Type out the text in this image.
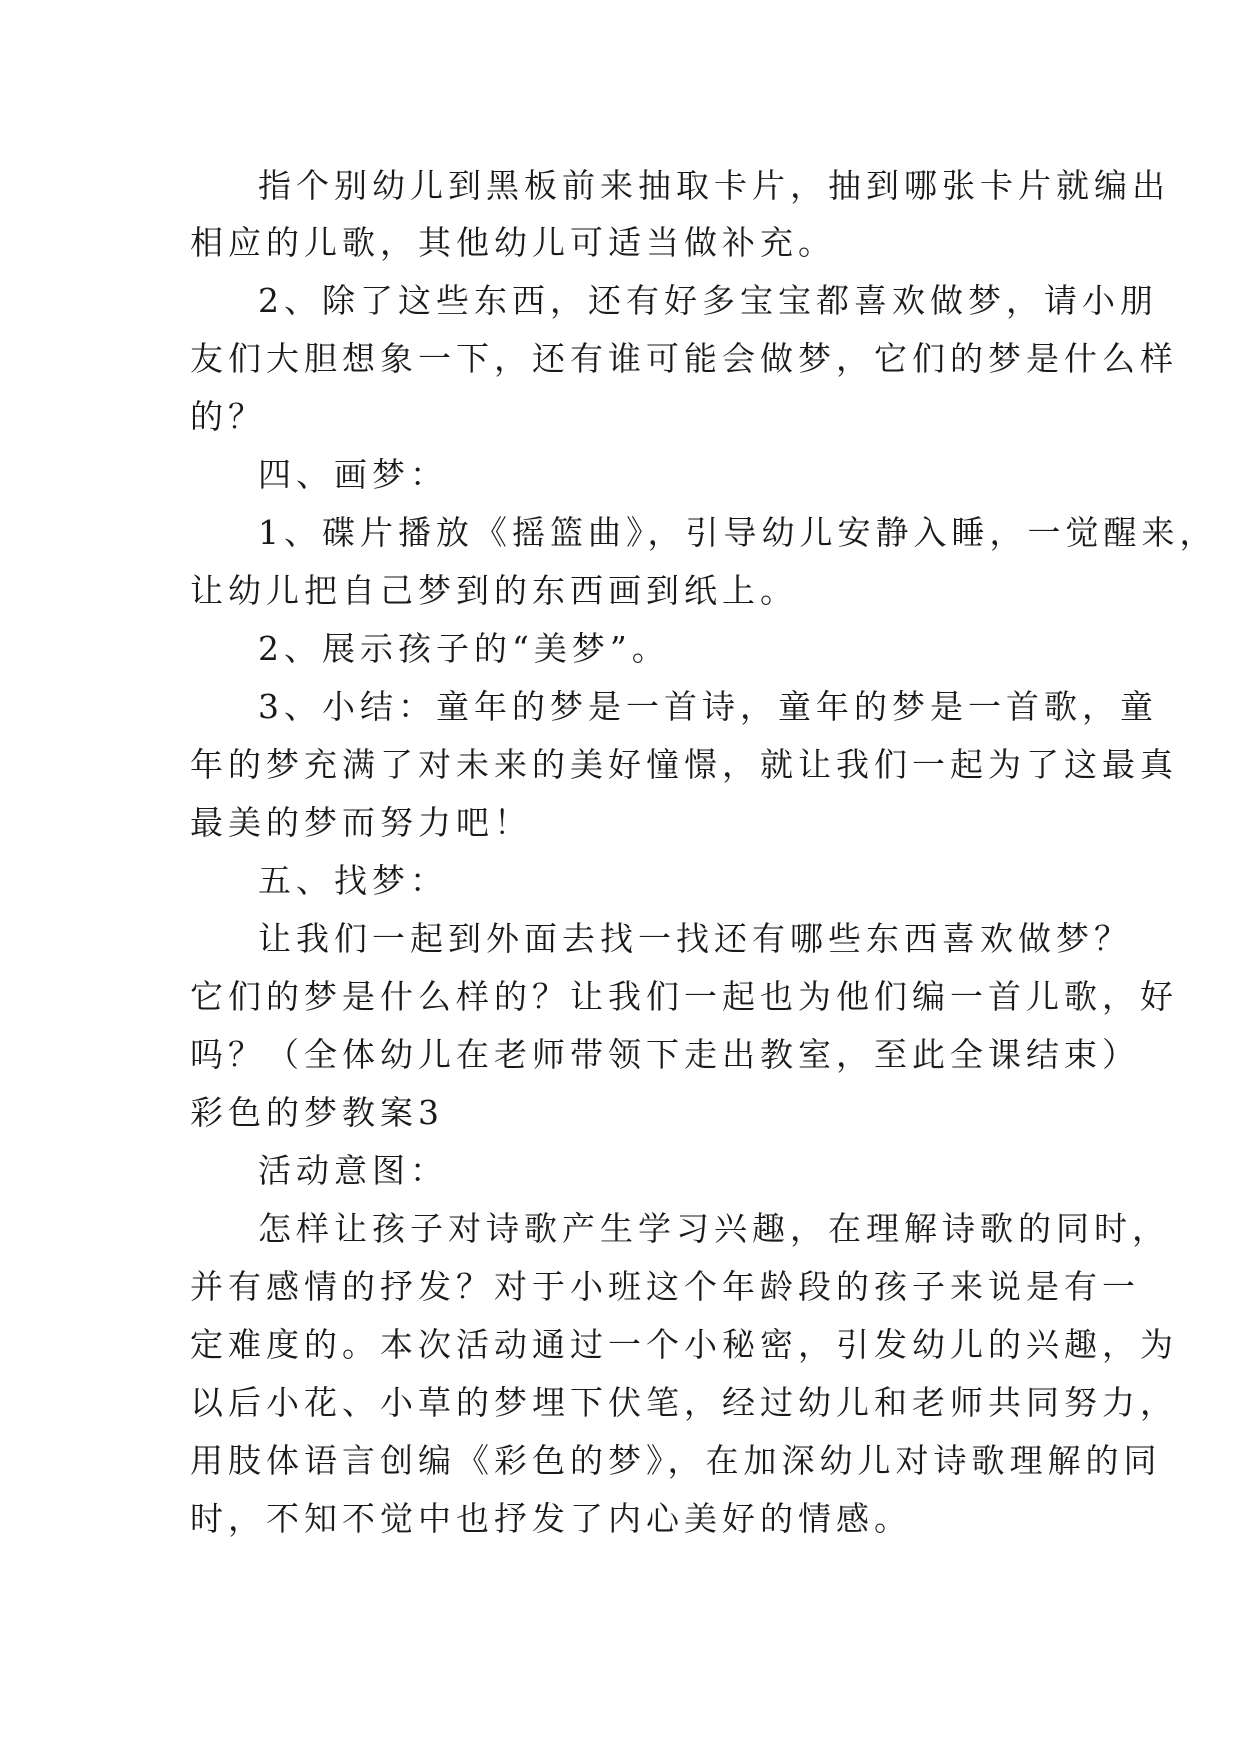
指个别幼儿到黑板前来抽取卡片，抽到哪张卡片就编出
相应的儿歌，其他幼儿可适当做补充。
2、除了这些东西，还有好多宝宝都喜欢做梦，请小朋
友们大胆想象一下，还有谁可能会做梦，它们的梦是什么样
的？
四、画梦：
1、碟片播放《摇篮曲》，引导幼儿安静入睡，一觉醒来，
让幼儿把自己梦到的东西画到纸上。
2、展示孩子的“美梦”。
3、小结：童年的梦是一首诗，童年的梦是一首歌，童
年的梦充满了对未来的美好憧憬，就让我们一起为了这最真
最美的梦而努力吧！
五、找梦：
让我们一起到外面去找一找还有哪些东西喜欢做梦？
它们的梦是什么样的？让我们一起也为他们编一首儿歌，好
吗？（全体幼儿在老师带领下走出教室，至此全课结束）
彩色的梦教案3
活动意图：
怎样让孩子对诗歌产生学习兴趣，在理解诗歌的同时，
并有感情的抒发？对于小班这个年龄段的孩子来说是有一
定难度的。本次活动通过一个小秘密，引发幼儿的兴趣，为
以后小花、小草的梦埋下伏笔，经过幼儿和老师共同努力，
用肢体语言创编《彩色的梦》，在加深幼儿对诗歌理解的同
时，不知不觉中也抒发了内心美好的情感。
